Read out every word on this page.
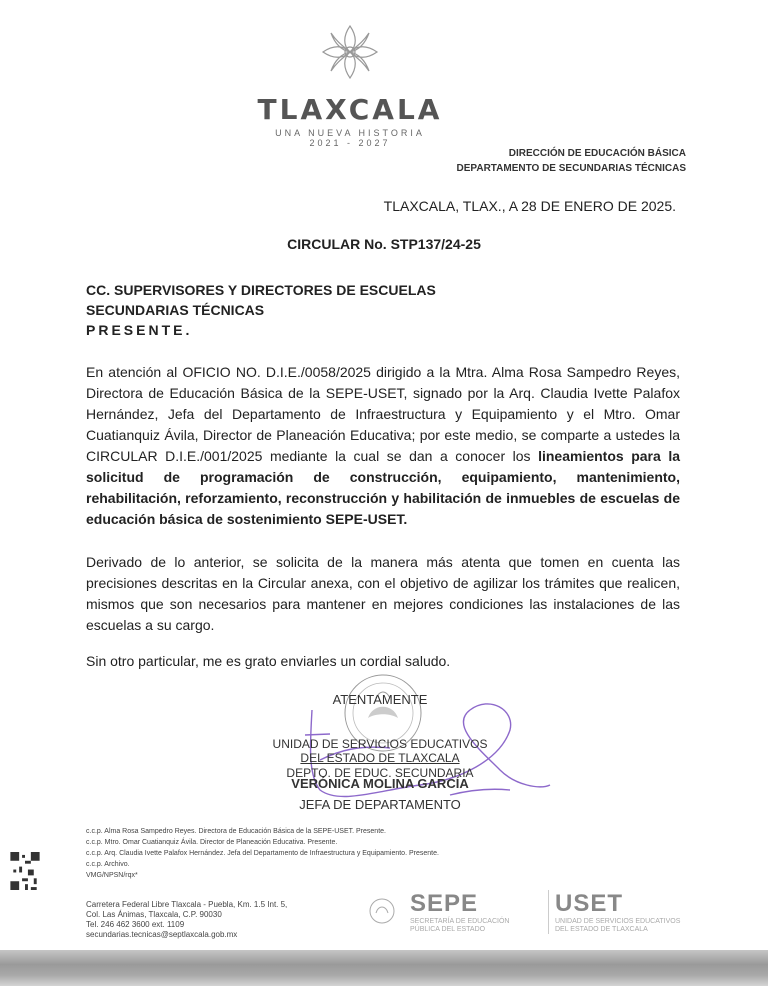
TLAXCALA
UNA NUEVA HISTORIA
2021 - 2027
DIRECCIÓN DE EDUCACIÓN BÁSICA
DEPARTAMENTO DE SECUNDARIAS TÉCNICAS
TLAXCALA, TLAX., A 28 DE ENERO DE 2025.
CIRCULAR No. STP137/24-25
CC. SUPERVISORES Y DIRECTORES DE ESCUELAS
SECUNDARIAS TÉCNICAS
PRESENTE.
En atención al OFICIO NO. D.I.E./0058/2025 dirigido a la Mtra. Alma Rosa Sampedro Reyes, Directora de Educación Básica de la SEPE-USET, signado por la Arq. Claudia Ivette Palafox Hernández, Jefa del Departamento de Infraestructura y Equipamiento y el Mtro. Omar Cuatianquiz Ávila, Director de Planeación Educativa; por este medio, se comparte a ustedes la CIRCULAR D.I.E./001/2025 mediante la cual se dan a conocer los lineamientos para la solicitud de programación de construcción, equipamiento, mantenimiento, rehabilitación, reforzamiento, reconstrucción y habilitación de inmuebles de escuelas de educación básica de sostenimiento SEPE-USET.
Derivado de lo anterior, se solicita de la manera más atenta que tomen en cuenta las precisiones descritas en la Circular anexa, con el objetivo de agilizar los trámites que realicen, mismos que son necesarios para mantener en mejores condiciones las instalaciones de las escuelas a su cargo.
Sin otro particular, me es grato enviarles un cordial saludo.
ATENTAMENTE
UNIDAD DE SERVICIOS EDUCATIVOS
DEL ESTADO DE TLAXCALA
DEPTO. DE EDUC. SECUNDARIA
VERÓNICA MOLINA GARCÍA
JEFA DE DEPARTAMENTO
c.c.p. Alma Rosa Sampedro Reyes. Directora de Educación Básica de la SEPE-USET. Presente.
c.c.p. Mtro. Omar Cuatianquiz Ávila. Director de Planeación Educativa. Presente.
c.c.p. Arq. Claudia Ivette Palafox Hernández. Jefa del Departamento de Infraestructura y Equipamiento. Presente.
c.c.p. Archivo.
VMG/NPSN/rqx*
Carretera Federal Libre Tlaxcala - Puebla, Km. 1.5 Int. 5,
Col. Las Ánimas, Tlaxcala, C.P. 90030
Tel. 246 462 3600 ext. 1109
secundarias.tecnicas@septlaxcala.gob.mx
SEPE
SECRETARÍA DE EDUCACIÓN
PÚBLICA DEL ESTADO
USET
UNIDAD DE SERVICIOS EDUCATIVOS
DEL ESTADO DE TLAXCALA
